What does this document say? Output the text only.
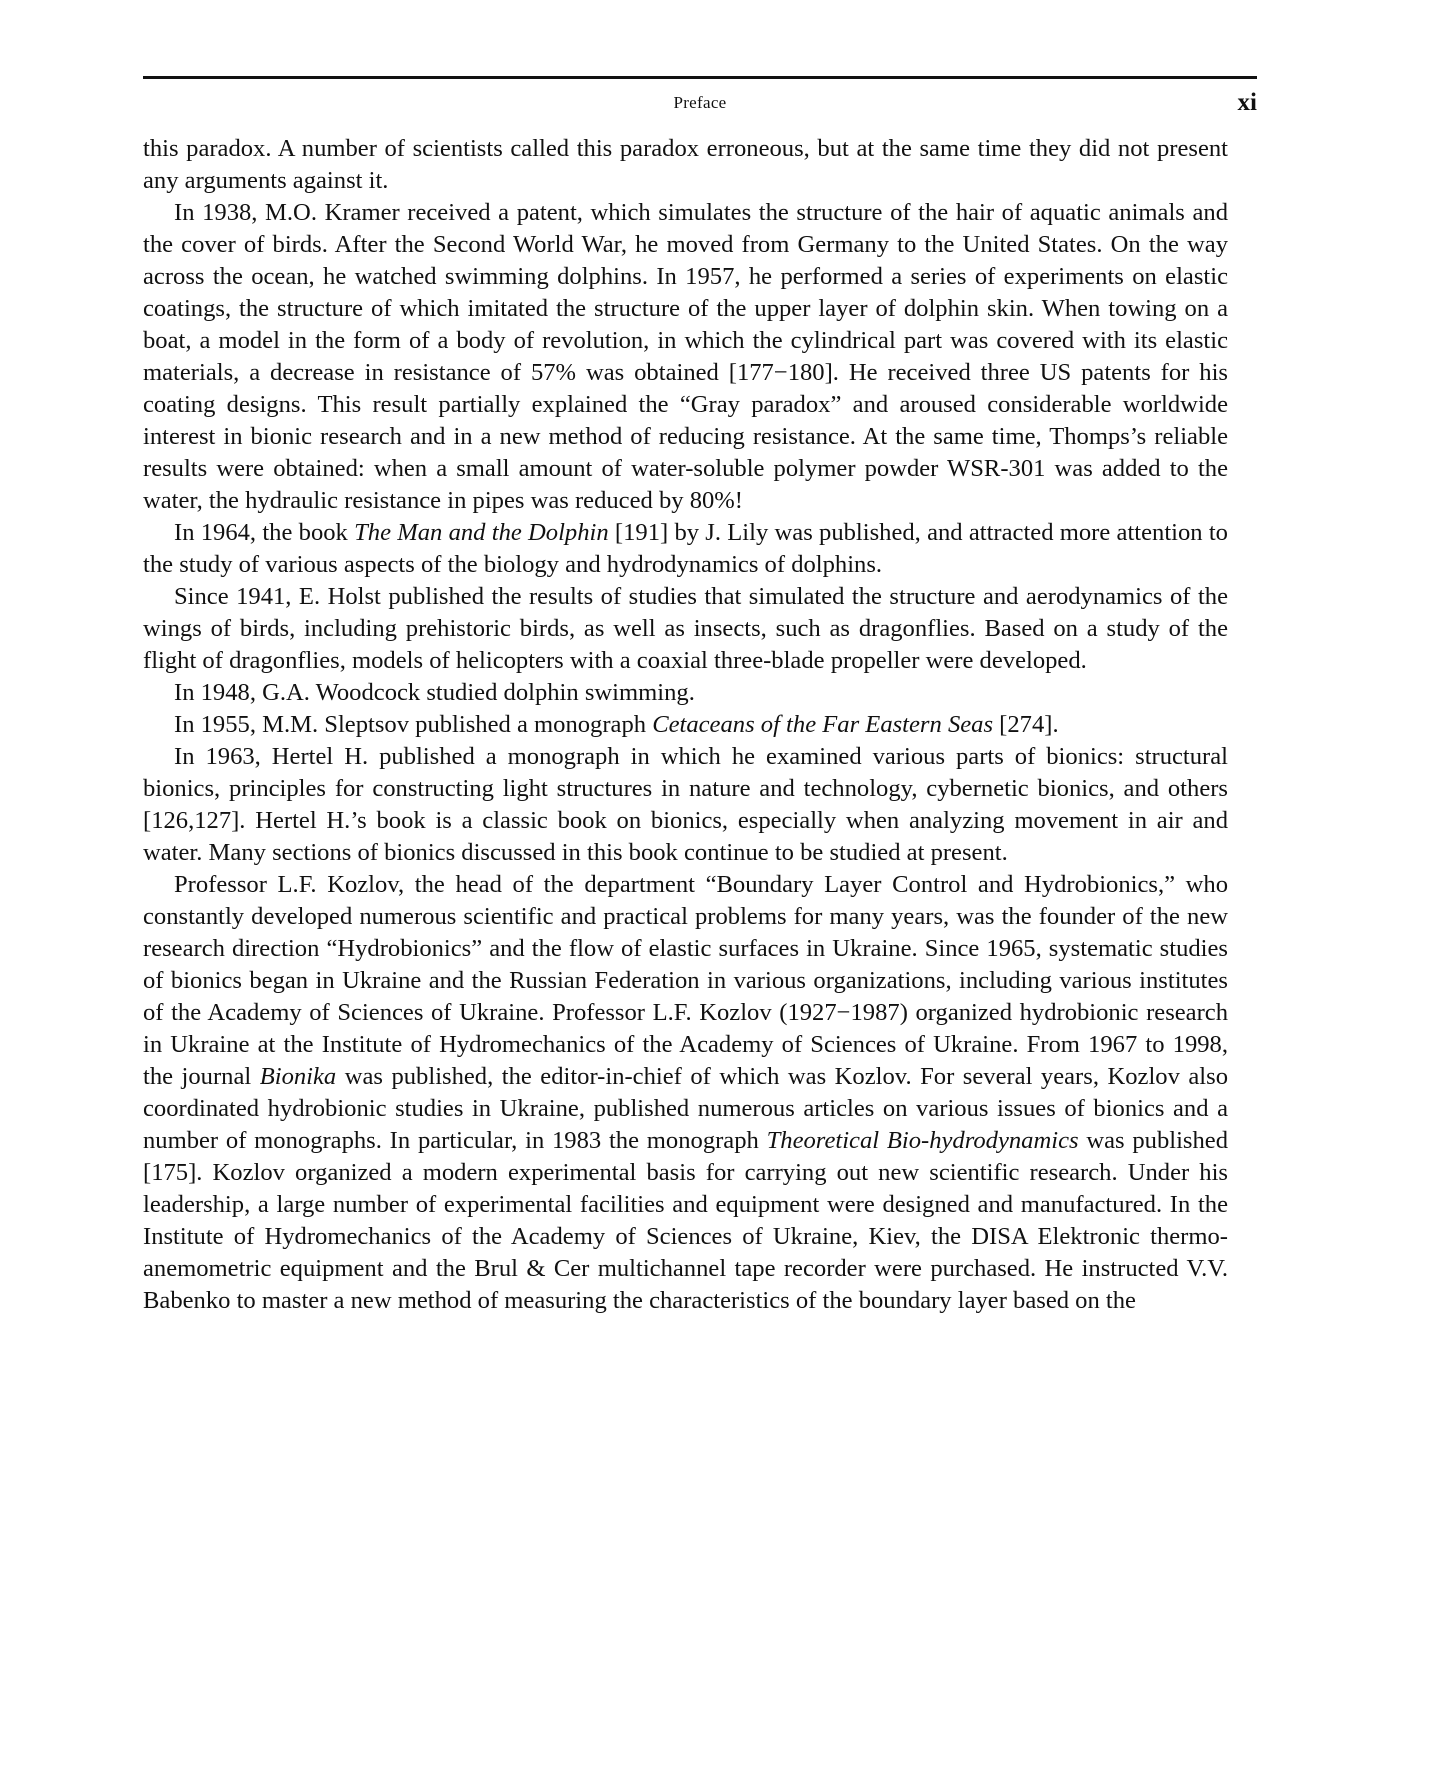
Preface	xi

this paradox. A number of scientists called this paradox erroneous, but at the same time they did not present any arguments against it.

In 1938, M.O. Kramer received a patent, which simulates the structure of the hair of aquatic animals and the cover of birds. After the Second World War, he moved from Germany to the United States. On the way across the ocean, he watched swimming dolphins. In 1957, he performed a series of experiments on elastic coatings, the structure of which imitated the structure of the upper layer of dolphin skin. When towing on a boat, a model in the form of a body of revolution, in which the cylindrical part was covered with its elastic materials, a decrease in resistance of 57% was obtained [177−180]. He received three US patents for his coating designs. This result partially explained the “Gray paradox” and aroused considerable worldwide interest in bionic research and in a new method of reducing resistance. At the same time, Thomps’s reliable results were obtained: when a small amount of water-soluble polymer powder WSR-301 was added to the water, the hydraulic resistance in pipes was reduced by 80%!

In 1964, the book The Man and the Dolphin [191] by J. Lily was published, and attracted more attention to the study of various aspects of the biology and hydrodynamics of dolphins.

Since 1941, E. Holst published the results of studies that simulated the structure and aerodynamics of the wings of birds, including prehistoric birds, as well as insects, such as dragonflies. Based on a study of the flight of dragonflies, models of helicopters with a coaxial three-blade propeller were developed.

In 1948, G.A. Woodcock studied dolphin swimming.

In 1955, M.M. Sleptsov published a monograph Cetaceans of the Far Eastern Seas [274].

In 1963, Hertel H. published a monograph in which he examined various parts of bionics: structural bionics, principles for constructing light structures in nature and technology, cybernetic bionics, and others [126,127]. Hertel H.’s book is a classic book on bionics, especially when analyzing movement in air and water. Many sections of bionics discussed in this book continue to be studied at present.

Professor L.F. Kozlov, the head of the department “Boundary Layer Control and Hydrobionics,” who constantly developed numerous scientific and practical problems for many years, was the founder of the new research direction “Hydrobionics” and the flow of elastic surfaces in Ukraine. Since 1965, systematic studies of bionics began in Ukraine and the Russian Federation in various organizations, including various institutes of the Academy of Sciences of Ukraine. Professor L.F. Kozlov (1927−1987) organized hydrobionic research in Ukraine at the Institute of Hydromechanics of the Academy of Sciences of Ukraine. From 1967 to 1998, the journal Bionika was published, the editor-in-chief of which was Kozlov. For several years, Kozlov also coordinated hydrobionic studies in Ukraine, published numerous articles on various issues of bionics and a number of monographs. In particular, in 1983 the monograph Theoretical Bio-hydrodynamics was published [175]. Kozlov organized a modern experimental basis for carrying out new scientific research. Under his leadership, a large number of experimental facilities and equipment were designed and manufactured. In the Institute of Hydromechanics of the Academy of Sciences of Ukraine, Kiev, the DISA Elektronic thermo-anemometric equipment and the Brul & Cer multichannel tape recorder were purchased. He instructed V.V. Babenko to master a new method of measuring the characteristics of the boundary layer based on the
